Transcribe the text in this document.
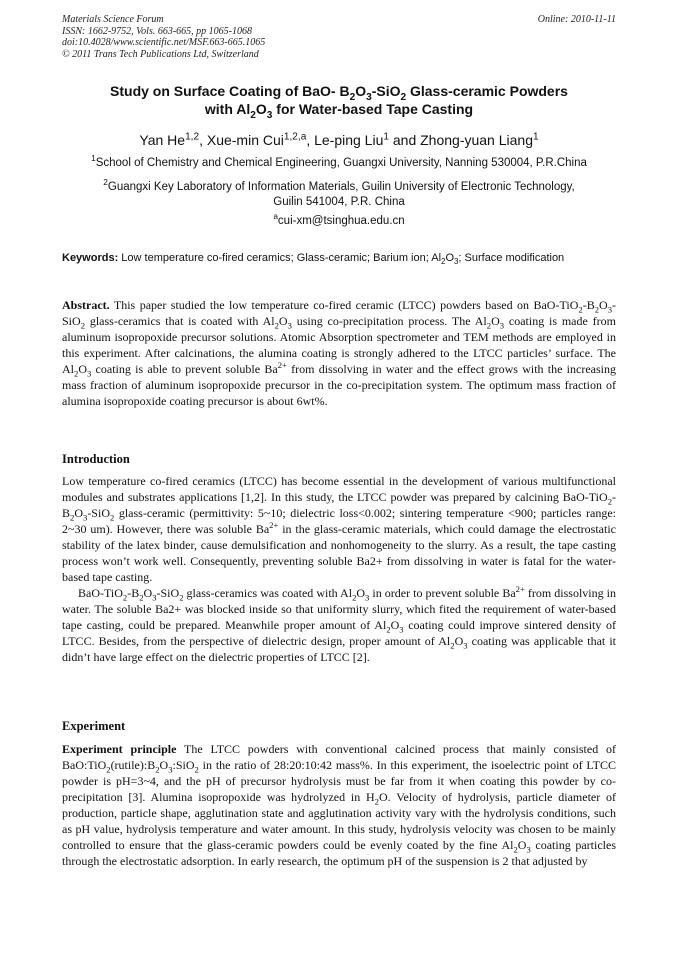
Materials Science Forum
ISSN: 1662-9752, Vols. 663-665, pp 1065-1068
doi:10.4028/www.scientific.net/MSF.663-665.1065
© 2011 Trans Tech Publications Ltd, Switzerland
Online: 2010-11-11
Study on Surface Coating of BaO- $B_2O_3-SiO_2$ Glass-ceramic Powders
with $Al_2O_3$ for Water-based Tape Casting
Yan He$^{1,2}$, Xue-min Cui$^{1,2,a}$, Le-ping Liu$^1$ and Zhong-yuan Liang$^1$
$^1$School of Chemistry and Chemical Engineering, Guangxi University, Nanning 530004, P.R.China
$^2$Guangxi Key Laboratory of Information Materials, Guilin University of Electronic Technology,
Guilin 541004, P.R. China
$^a$cui-xm@tsinghua.edu.cn
Keywords: Low temperature co-fired ceramics; Glass-ceramic; Barium ion; $Al_2O_3$; Surface modification

Abstract. This paper studied the low temperature co-fired ceramic (LTCC) powders based on BaO-$TiO_2-B_2O_3-SiO_2$ glass-ceramics that is coated with $Al_2O_3$ using co-precipitation process. The $Al_2O_3$ coating is made from aluminum isopropoxide precursor solutions. Atomic Absorption spectrometer and TEM methods are employed in this experiment. After calcinations, the alumina coating is strongly adhered to the LTCC particles’ surface. The $Al_2O_3$ coating is able to prevent soluble $Ba^{2+}$ from dissolving in water and the effect grows with the increasing mass fraction of aluminum isopropoxide precursor in the co-precipitation system. The optimum mass fraction of alumina isopropoxide coating precursor is about 6wt%.

Introduction

Low temperature co-fired ceramics (LTCC) has become essential in the development of various multifunctional modules and substrates applications [1,2]. In this study, the LTCC powder was prepared by calcining BaO-$TiO_2-B_2O_3-SiO_2$ glass-ceramic (permittivity: 5~10; dielectric loss<0.002; sintering temperature <900; particles range: 2~30 um). However, there was soluble $Ba^{2+}$ in the glass-ceramic materials, which could damage the electrostatic stability of the latex binder, cause demulsification and nonhomogeneity to the slurry. As a result, the tape casting process won’t work well. Consequently, preventing soluble Ba2+ from dissolving in water is fatal for the water-based tape casting.

BaO-$TiO_2-B_2O_3-SiO_2$ glass-ceramics was coated with $Al_2O_3$ in order to prevent soluble $Ba^{2+}$ from dissolving in water. The soluble Ba2+ was blocked inside so that uniformity slurry, which fited the requirement of water-based tape casting, could be prepared. Meanwhile proper amount of $Al_2O_3$ coating could improve sintered density of LTCC. Besides, from the perspective of dielectric design, proper amount of $Al_2O_3$ coating was applicable that it didn’t have large effect on the dielectric properties of LTCC [2].

Experiment

Experiment principle The LTCC powders with conventional calcined process that mainly consisted of $BaO:TiO_2(rutile):B_2O_3:SiO_2$ in the ratio of 28:20:10:42 mass%. In this experiment, the isoelectric point of LTCC powder is pH=3~4, and the pH of precursor hydrolysis must be far from it when coating this powder by co-precipitation [3]. Alumina isopropoxide was hydrolyzed in $H_2O$. Velocity of hydrolysis, particle diameter of production, particle shape, agglutination state and agglutination activity vary with the hydrolysis conditions, such as pH value, hydrolysis temperature and water amount. In this study, hydrolysis velocity was chosen to be mainly controlled to ensure that the glass-ceramic powders could be evenly coated by the fine $Al_2O_3$ coating particles through the electrostatic adsorption. In early research, the optimum pH of the suspension is 2 that adjusted by
